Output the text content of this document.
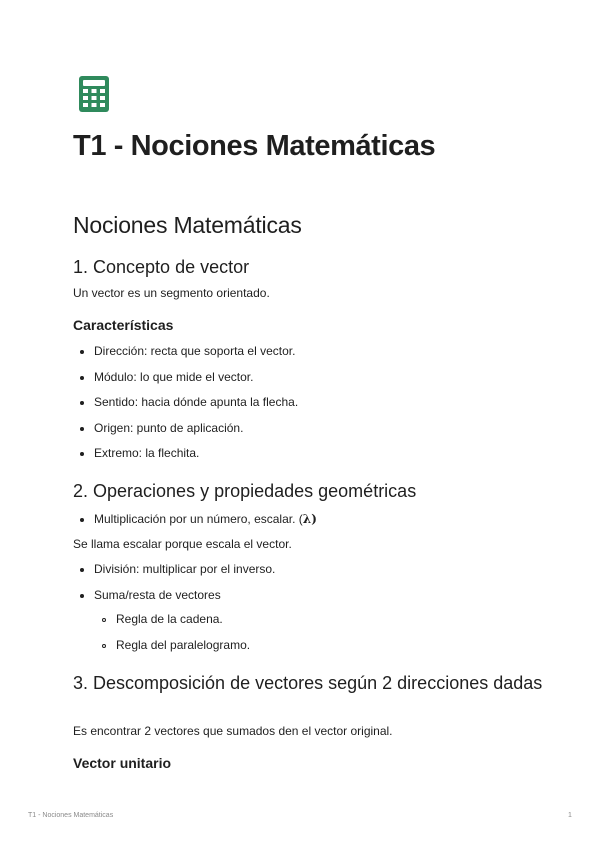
T1 - Nociones Matemáticas
Nociones Matemáticas
1. Concepto de vector

Un vector es un segmento orientado.

Características

Dirección: recta que soporta el vector.

Módulo: lo que mide el vector.

Sentido: hacia dónde apunta la flecha.

Origen: punto de aplicación.

Extremo: la flechita.

2. Operaciones y propiedades geométricas

Multiplicación por un número, escalar. (λ)

Se llama escalar porque escala el vector.

División: multiplicar por el inverso.

Suma/resta de vectores

Regla de la cadena.

Regla del paralelogramo.

3. Descomposición de vectores según 2 direcciones dadas

Es encontrar 2 vectores que sumados den el vector original.

Vector unitario
T1 - Nociones Matemáticas	1
